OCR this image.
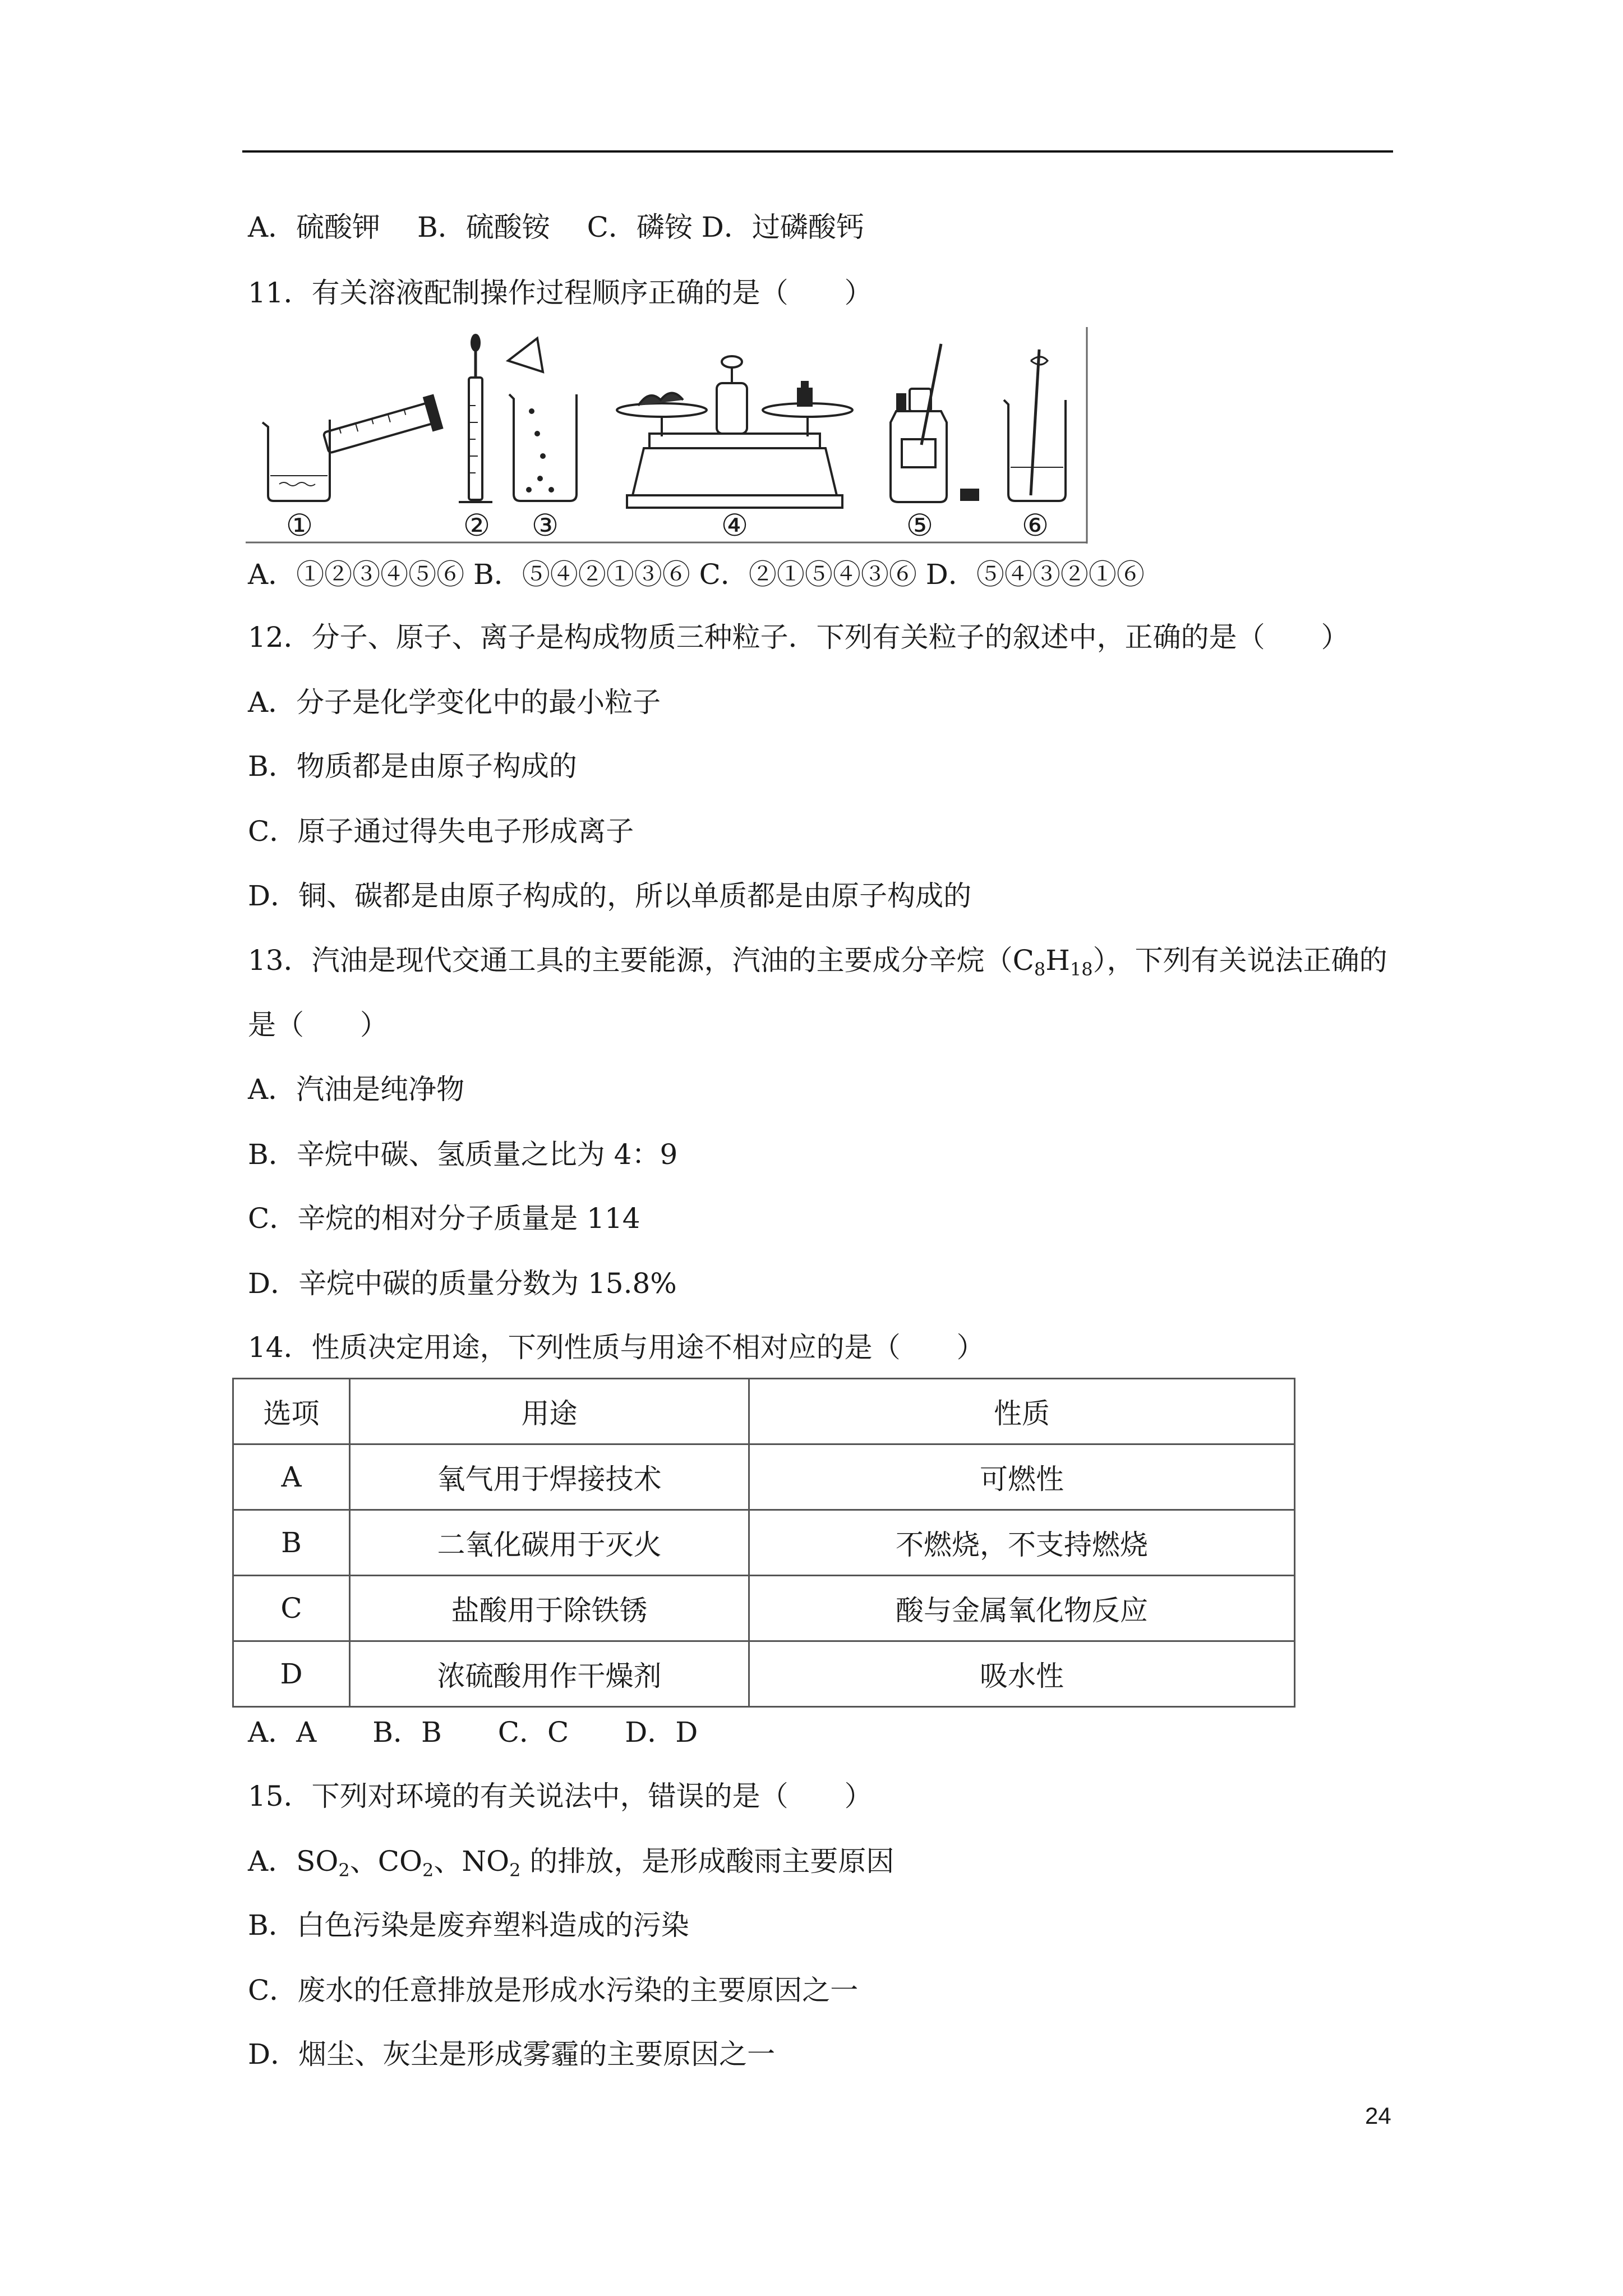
A．硫酸钾　 B．硫酸铵　 C．磷铵 D．过磷酸钙
11．有关溶液配制操作过程顺序正确的是（　　）
①	② ③	④	⑤	⑥
A．①②③④⑤⑥ B．⑤④②①③⑥ C．②①⑤④③⑥ D．⑤④③②①⑥
12．分子、原子、离子是构成物质三种粒子．下列有关粒子的叙述中，正确的是（　　）
A．分子是化学变化中的最小粒子
B．物质都是由原子构成的
C．原子通过得失电子形成离子
D．铜、碳都是由原子构成的，所以单质都是由原子构成的
13．汽油是现代交通工具的主要能源，汽油的主要成分辛烷$(C_8H_{18})$，下列有关说法正确的
是（　　）
A．汽油是纯净物
B．辛烷中碳、氢质量之比为 4：9
C．辛烷的相对分子质量是 114
D．辛烷中碳的质量分数为 15.8%
14．性质决定用途，下列性质与用途不相对应的是（　　）
选项	用途	性质
A	氧气用于焊接技术	可燃性
B	二氧化碳用于灭火	不燃烧，不支持燃烧
C	盐酸用于除铁锈	酸与金属氧化物反应
D	浓硫酸用作干燥剂	吸水性
A．A　　B．B　　C．C　　D．D
15．下列对环境的有关说法中，错误的是（　　）
A．$SO_2$、$CO_2$、$NO_2$ 的排放，是形成酸雨主要原因
B．白色污染是废弃塑料造成的污染
C．废水的任意排放是形成水污染的主要原因之一
D．烟尘、灰尘是形成雾霾的主要原因之一
24
